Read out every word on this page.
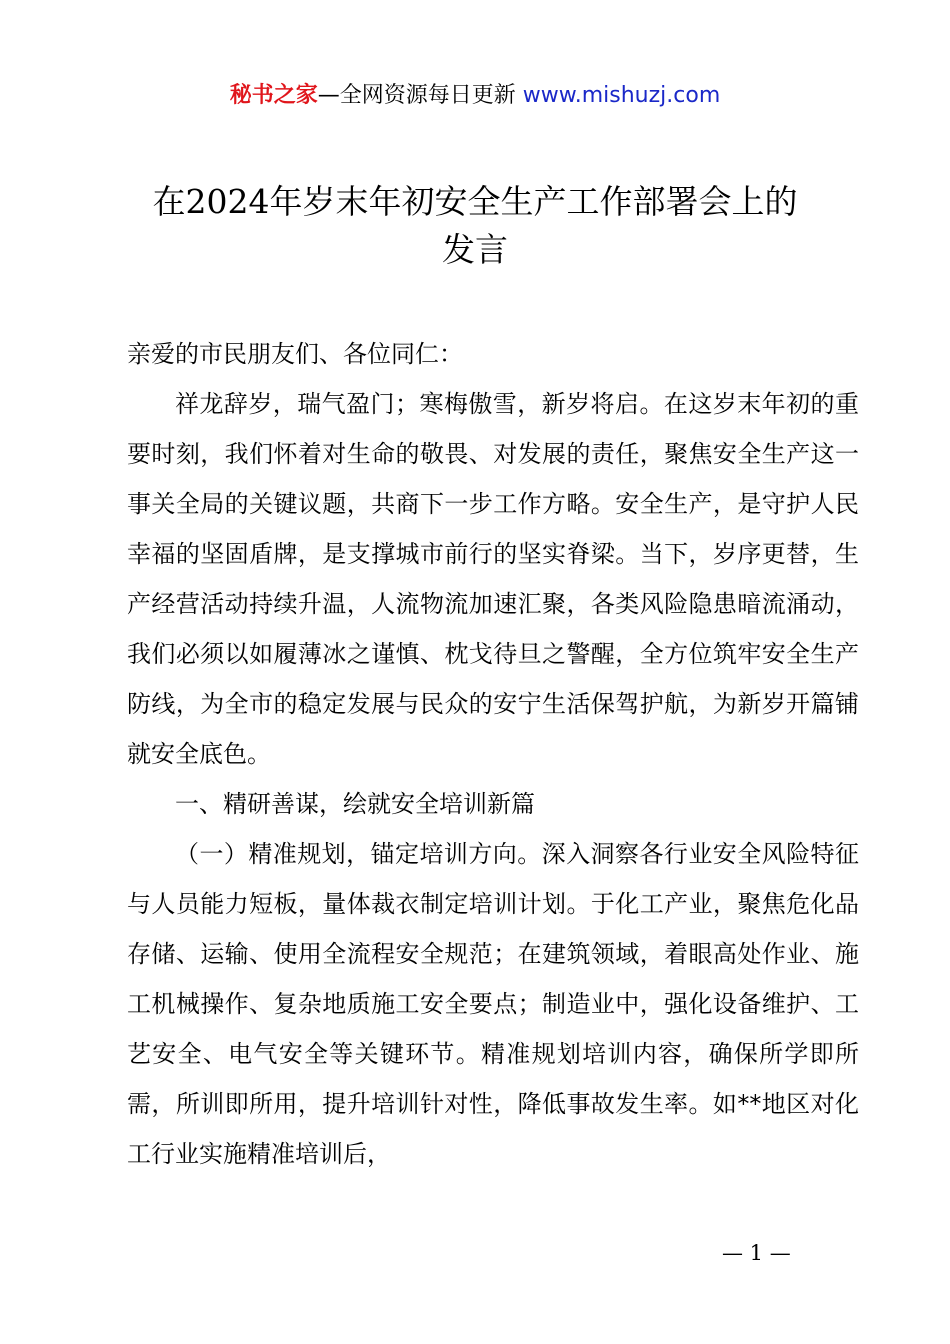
秘书之家—全网资源每日更新 www.mishuzj.com
在2024年岁末年初安全生产工作部署会上的
发言

亲爱的市民朋友们、各位同仁：

祥龙辞岁，瑞气盈门；寒梅傲雪，新岁将启。在这岁末年初的重要时刻，我们怀着对生命的敬畏、对发展的责任，聚焦安全生产这一事关全局的关键议题，共商下一步工作方略。安全生产，是守护人民幸福的坚固盾牌，是支撑城市前行的坚实脊梁。当下，岁序更替，生产经营活动持续升温，人流物流加速汇聚，各类风险隐患暗流涌动，我们必须以如履薄冰之谨慎、枕戈待旦之警醒，全方位筑牢安全生产防线，为全市的稳定发展与民众的安宁生活保驾护航，为新岁开篇铺就安全底色。

一、精研善谋，绘就安全培训新篇

（一）精准规划，锚定培训方向。深入洞察各行业安全风险特征与人员能力短板，量体裁衣制定培训计划。于化工产业，聚焦危化品存储、运输、使用全流程安全规范；在建筑领域，着眼高处作业、施工机械操作、复杂地质施工安全要点；制造业中，强化设备维护、工艺安全、电气安全等关键环节。精准规划培训内容，确保所学即所需，所训即所用，提升培训针对性，降低事故发生率。如**地区对化工行业实施精准培训后，

— 1 —
